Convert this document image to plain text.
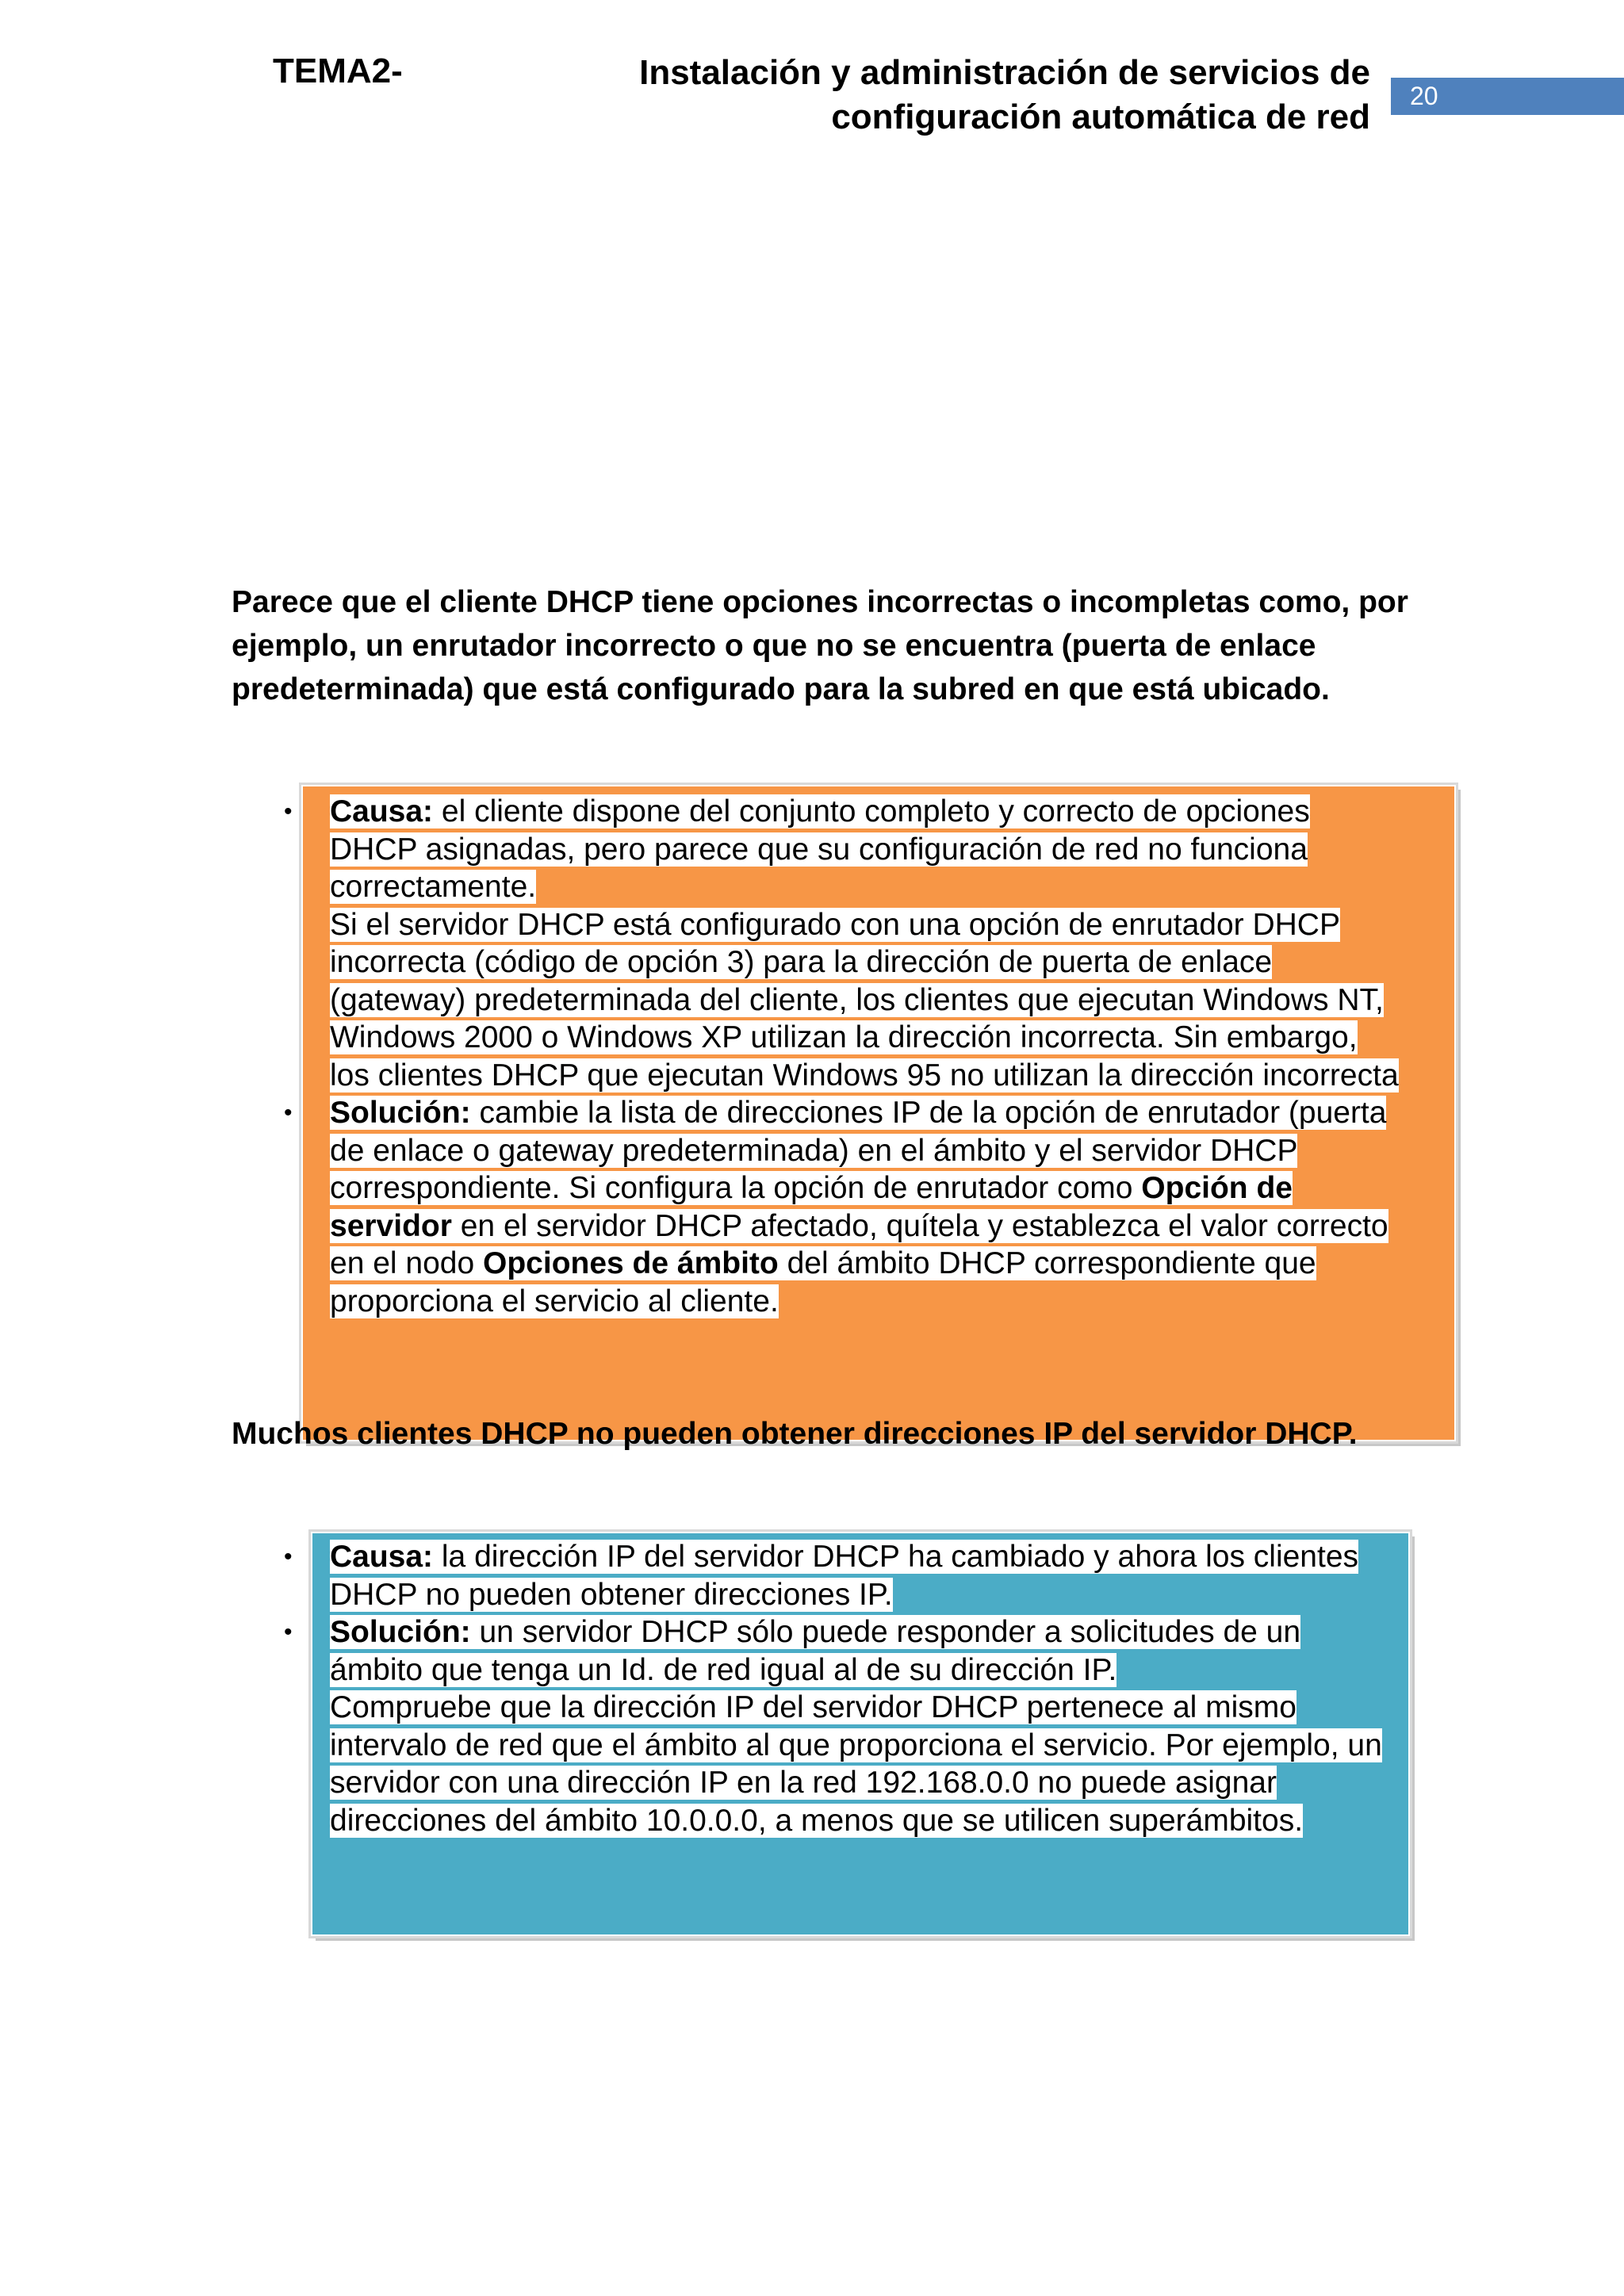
TEMA2-	Instalación y administración de servicios de
configuración automática de red
20
Parece que el cliente DHCP tiene opciones incorrectas o incompletas como, por ejemplo, un enrutador incorrecto o que no se encuentra (puerta de enlace predeterminada) que está configurado para la subred en que está ubicado.
• Causa: el cliente dispone del conjunto completo y correcto de opciones DHCP asignadas, pero parece que su configuración de red no funciona correctamente.
Si el servidor DHCP está configurado con una opción de enrutador DHCP incorrecta (código de opción 3) para la dirección de puerta de enlace (gateway) predeterminada del cliente, los clientes que ejecutan Windows NT, Windows 2000 o Windows XP utilizan la dirección incorrecta. Sin embargo, los clientes DHCP que ejecutan Windows 95 no utilizan la dirección incorrecta
• Solución: cambie la lista de direcciones IP de la opción de enrutador (puerta de enlace o gateway predeterminada) en el ámbito y el servidor DHCP correspondiente. Si configura la opción de enrutador como Opción de servidor en el servidor DHCP afectado, quítela y establezca el valor correcto en el nodo Opciones de ámbito del ámbito DHCP correspondiente que proporciona el servicio al cliente.
Muchos clientes DHCP no pueden obtener direcciones IP del servidor DHCP.
• Causa: la dirección IP del servidor DHCP ha cambiado y ahora los clientes DHCP no pueden obtener direcciones IP.
• Solución: un servidor DHCP sólo puede responder a solicitudes de un ámbito que tenga un Id. de red igual al de su dirección IP.
Compruebe que la dirección IP del servidor DHCP pertenece al mismo intervalo de red que el ámbito al que proporciona el servicio. Por ejemplo, un servidor con una dirección IP en la red 192.168.0.0 no puede asignar direcciones del ámbito 10.0.0.0, a menos que se utilicen superámbitos.
